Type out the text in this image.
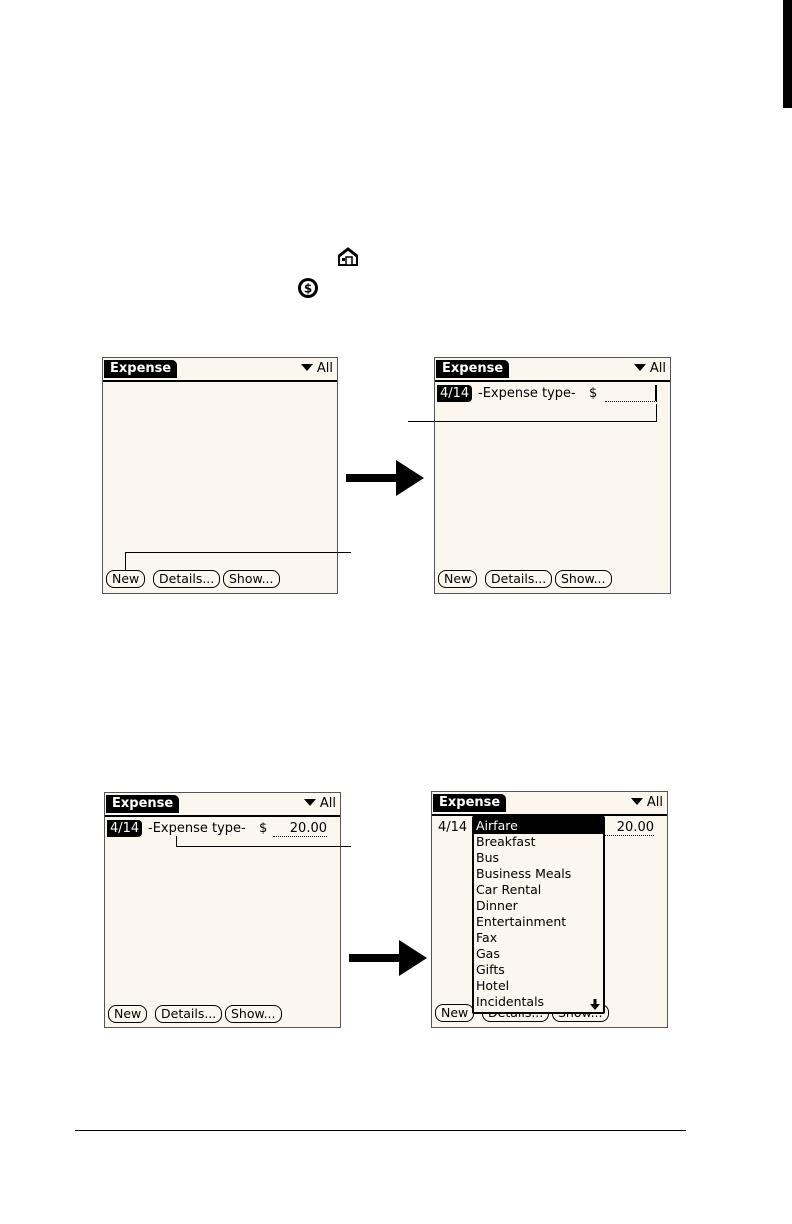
$
Expense	All
New	Details...	Show...
Expense	All
4/14 -Expense type- $
New	Details...	Show...
Expense	All
4/14 -Expense type- $	20.00
New	Details...	Show...
Expense	All
4/14	20.00
New
Airfare
Breakfast
Bus
Business Meals
Car Rental
Dinner
Entertainment
Fax
Gas
Gifts
Hotel
Incidentals
